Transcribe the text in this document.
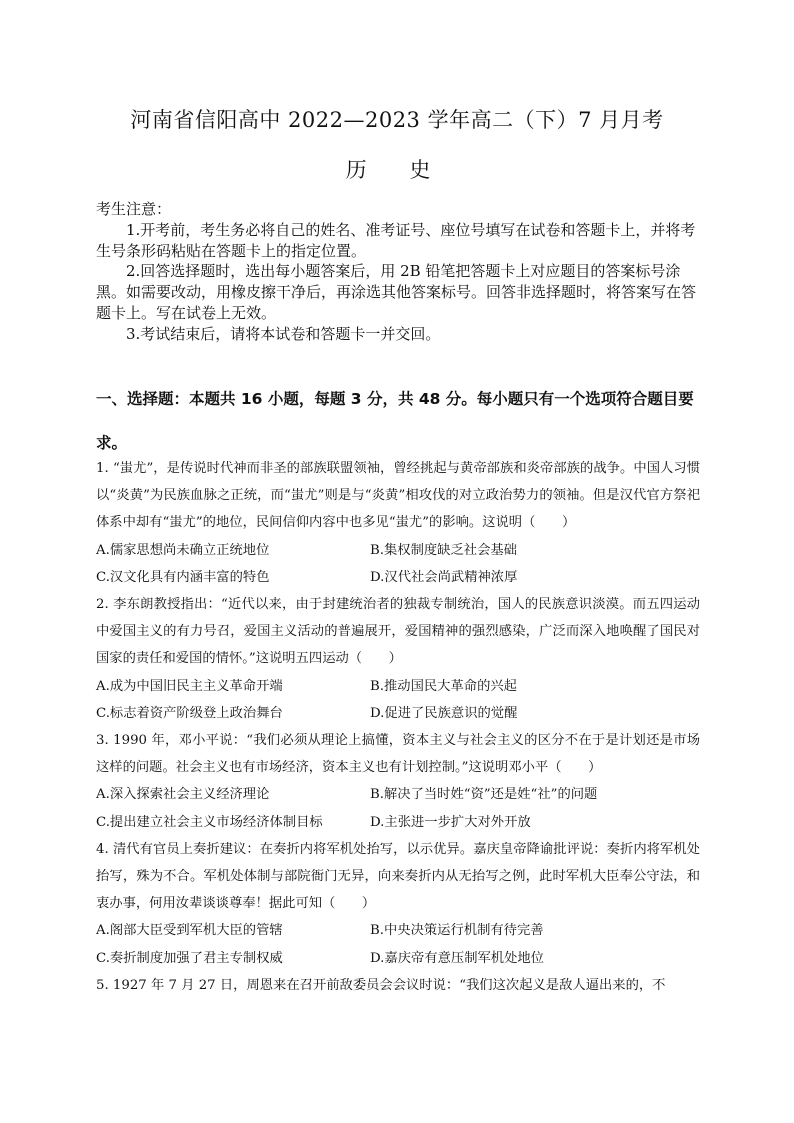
河南省信阳高中 2022—2023 学年高二（下）7 月月考
历 史

考生注意：

1.开考前，考生务必将自己的姓名、准考证号、座位号填写在试卷和答题卡上，并将考生号条形码粘贴在答题卡上的指定位置。

2.回答选择题时，选出每小题答案后，用 2B 铅笔把答题卡上对应题目的答案标号涂黑。如需要改动，用橡皮擦干净后，再涂选其他答案标号。回答非选择题时，将答案写在答题卡上。写在试卷上无效。

3.考试结束后，请将本试卷和答题卡一并交回。

一、选择题：本题共 16 小题，每题 3 分，共 48 分。每小题只有一个选项符合题目要求。

1. “蚩尤”，是传说时代神而非圣的部族联盟领袖，曾经挑起与黄帝部族和炎帝部族的战争。中国人习惯以“炎黄”为民族血脉之正统，而“蚩尤”则是与“炎黄”相攻伐的对立政治势力的领袖。但是汉代官方祭祀体系中却有“蚩尤”的地位，民间信仰内容中也多见“蚩尤”的影响。这说明（　　）

A.儒家思想尚未确立正统地位	B.集权制度缺乏社会基础
C.汉文化具有内涵丰富的特色	D.汉代社会尚武精神浓厚

2. 李东朗教授指出：“近代以来，由于封建统治者的独裁专制统治，国人的民族意识淡漠。而五四运动中爱国主义的有力号召，爱国主义活动的普遍展开，爱国精神的强烈感染，广泛而深入地唤醒了国民对国家的责任和爱国的情怀。”这说明五四运动（　　）

A.成为中国旧民主主义革命开端	B.推动国民大革命的兴起
C.标志着资产阶级登上政治舞台	D.促进了民族意识的觉醒

3. 1990 年，邓小平说：“我们必须从理论上搞懂，资本主义与社会主义的区分不在于是计划还是市场这样的问题。社会主义也有市场经济，资本主义也有计划控制。”这说明邓小平（　　）

A.深入探索社会主义经济理论	B.解决了当时姓“资”还是姓“社”的问题
C.提出建立社会主义市场经济体制目标	D.主张进一步扩大对外开放

4. 清代有官员上奏折建议：在奏折内将军机处抬写，以示优异。嘉庆皇帝降谕批评说：奏折内将军机处抬写，殊为不合。军机处体制与部院衙门无异，向来奏折内从无抬写之例，此时军机大臣奉公守法，和衷办事，何用汝辈谈谈尊奉！据此可知（　　）

A.阁部大臣受到军机大臣的管辖	B.中央决策运行机制有待完善
C.奏折制度加强了君主专制权威	D.嘉庆帝有意压制军机处地位

5. 1927 年 7 月 27 日，周恩来在召开前敌委员会会议时说：“我们这次起义是敌人逼出来的，不
